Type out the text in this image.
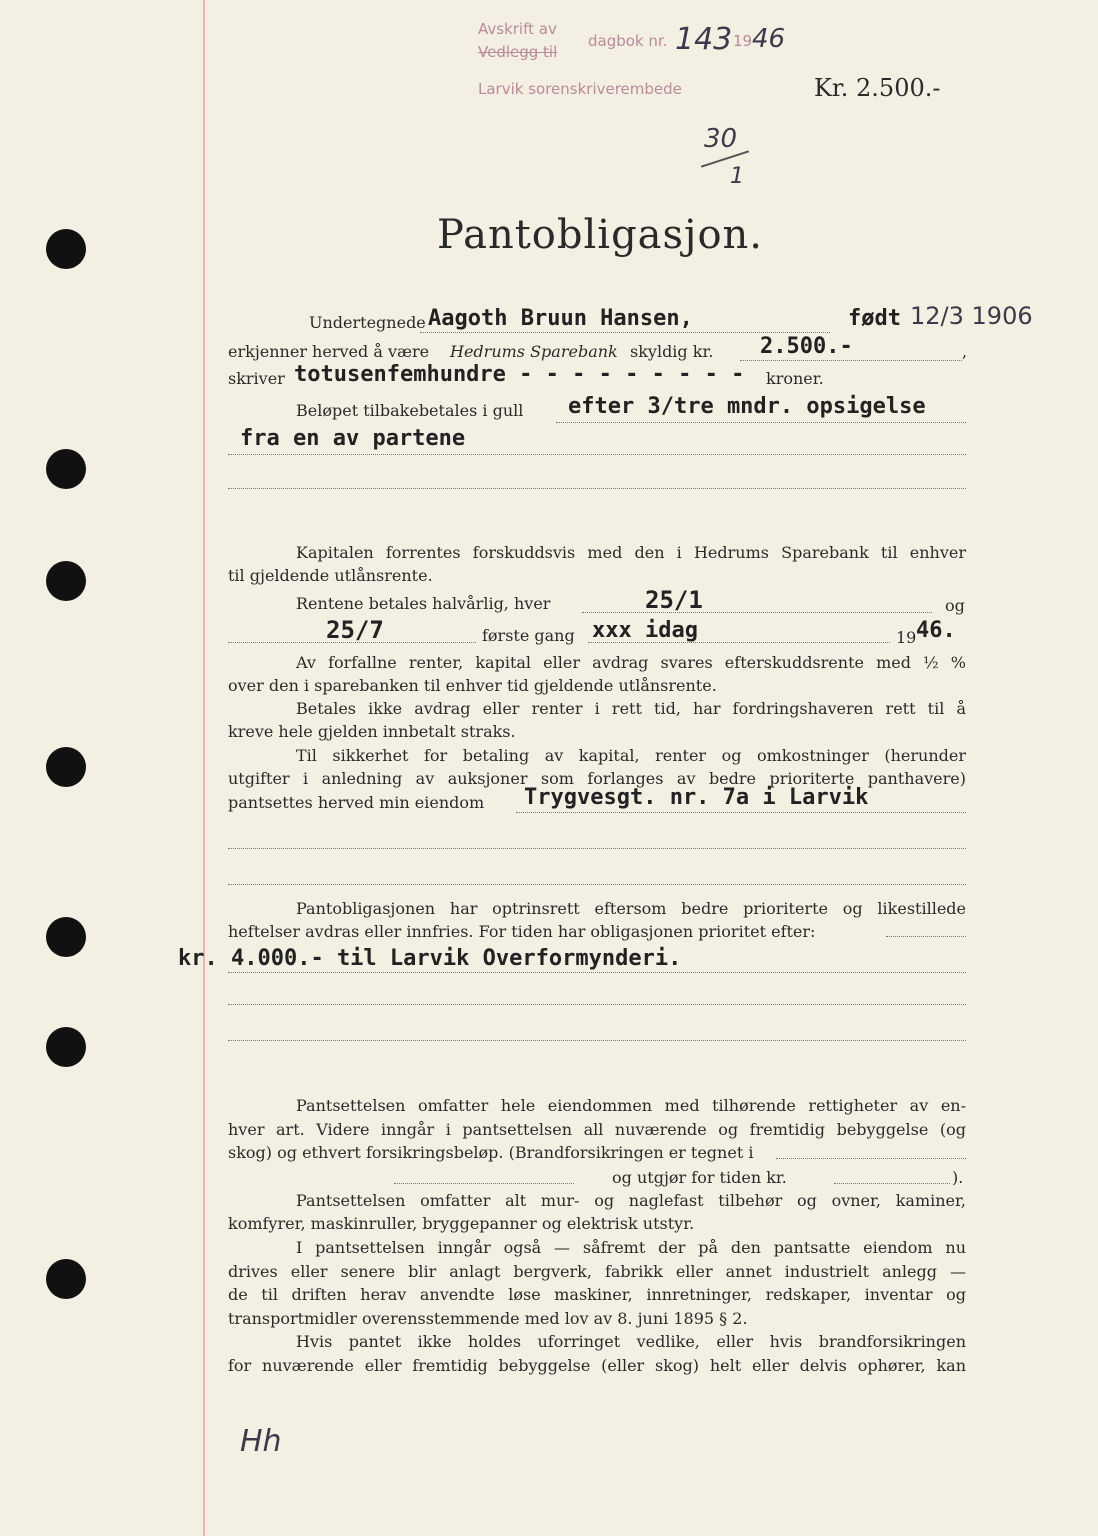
Avskrift av
Vedlegg til
dagbok nr. 143 19 46
Larvik sorenskriverembede	Kr. 2.500.-
30
1
Pantobligasjon.
Undertegnede Aagoth Bruun Hansen,	født 12/3 1906
erkjenner herved å være Hedrums Sparebank skyldig kr. 2.500.-	,
skriver totusenfemhundre - - - - - - - - - kroner.
Beløpet tilbakebetales i gull efter 3/tre mndr. opsigelse
fra en av partene
Kapitalen forrentes forskuddsvis med den i Hedrums Sparebank til enhver
til gjeldende utlånsrente.
Rentene betales halvårlig, hver	25/1	og
25/7	første gang xxx idag	19 46.
Av forfallne renter, kapital eller avdrag svares efterskuddsrente med ½ %
over den i sparebanken til enhver tid gjeldende utlånsrente.
Betales ikke avdrag eller renter i rett tid, har fordringshaveren rett til å
kreve hele gjelden innbetalt straks.
Til sikkerhet for betaling av kapital, renter og omkostninger (herunder
utgifter i anledning av auksjoner som forlanges av bedre prioriterte panthavere)
pantsettes herved min eiendom Trygvesgt. nr. 7a i Larvik
Pantobligasjonen har optrinsrett eftersom bedre prioriterte og likestillede
heftelser avdras eller innfries. For tiden har obligasjonen prioritet efter:
kr. 4.000.- til Larvik Overformynderi.
Pantsettelsen omfatter hele eiendommen med tilhørende rettigheter av en-
hver art. Videre inngår i pantsettelsen all nuværende og fremtidig bebyggelse (og
skog) og ethvert forsikringsbeløp. (Brandforsikringen er tegnet i
og utgjør for tiden kr.	).
Pantsettelsen omfatter alt mur- og naglefast tilbehør og ovner, kaminer,
komfyrer, maskinruller, bryggepanner og elektrisk utstyr.
I pantsettelsen inngår også — såfremt der på den pantsatte eiendom nu
drives eller senere blir anlagt bergverk, fabrikk eller annet industrielt anlegg —
de til driften herav anvendte løse maskiner, innretninger, redskaper, inventar og
transportmidler overensstemmende med lov av 8. juni 1895 § 2.
Hvis pantet ikke holdes uforringet vedlike, eller hvis brandforsikringen
for nuværende eller fremtidig bebyggelse (eller skog) helt eller delvis ophører, kan
Hh
